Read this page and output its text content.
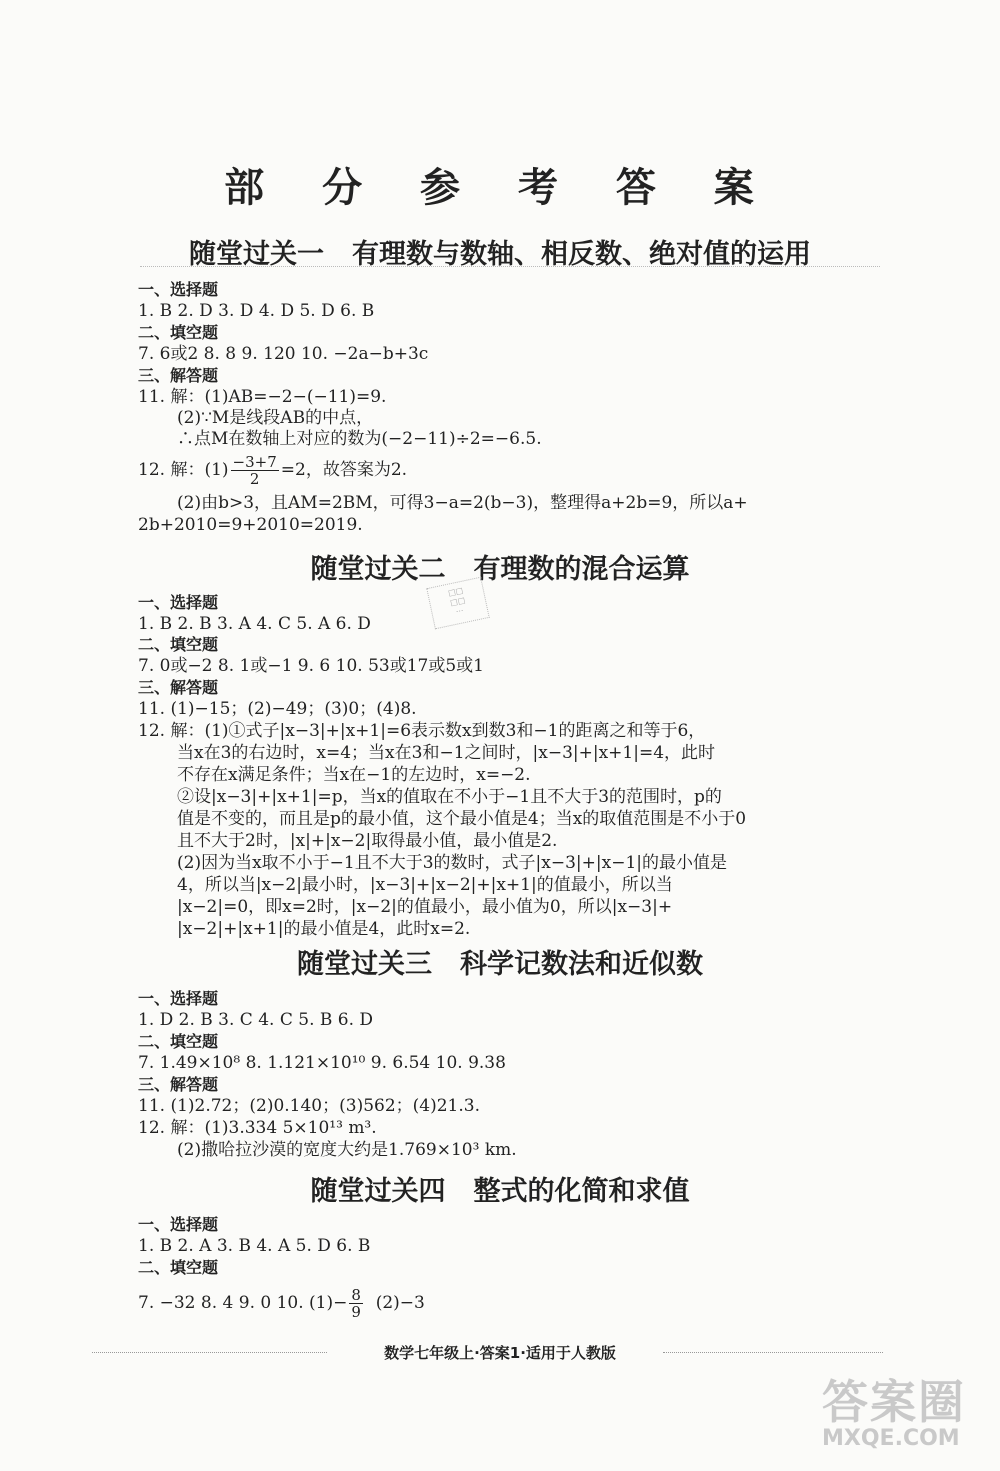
部 分 参 考 答 案
随堂过关一 有理数与数轴、相反数、绝对值的运用
一、选择题
1. B 2. D 3. D 4. D 5. D 6. B
二、填空题
7. 6或2 8. 8 9. 120 10. −2a−b+3c
三、解答题
11. 解：(1)AB=−2−(−11)=9.
(2)∵M是线段AB的中点，
∴点M在数轴上对应的数为(−2−11)÷2=−6.5.
12. 解：$(1) \frac{-3+7}{2} =2$，故答案为2.
(2)由b>3，且AM=2BM，可得3−a=2(b−3)，整理得a+2b=9，所以a+
2b+2010=9+2010=2019.
随堂过关二 有理数的混合运算
□□
□□
···
一、选择题
1. B 2. B 3. A 4. C 5. A 6. D
二、填空题
7. 0或−2 8. 1或−1 9. 6 10. 53或17或5或1
三、解答题
11. (1)−15；(2)−49；(3)0；(4)8.
12. 解：(1)①式子|x−3|+|x+1|=6表示数x到数3和−1的距离之和等于6，
当x在3的右边时，x=4；当x在3和−1之间时，|x−3|+|x+1|=4，此时
不存在x满足条件；当x在−1的左边时，x=−2.
②设|x−3|+|x+1|=p，当x的值取在不小于−1且不大于3的范围时，p的
值是不变的，而且是p的最小值，这个最小值是4；当x的取值范围是不小于0
且不大于2时，|x|+|x−2|取得最小值，最小值是2.
(2)因为当x取不小于−1且不大于3的数时，式子|x−3|+|x−1|的最小值是
4，所以当|x−2|最小时，|x−3|+|x−2|+|x+1|的值最小，所以当
|x−2|=0，即x=2时，|x−2|的值最小，最小值为0，所以|x−3|+
|x−2|+|x+1|的最小值是4，此时x=2.
随堂过关三 科学记数法和近似数
一、选择题
1. D 2. B 3. C 4. C 5. B 6. D
二、填空题
7. 1.49×10⁸ 8. 1.121×10¹⁰ 9. 6.54 10. 9.38
三、解答题
11. (1)2.72；(2)0.140；(3)562；(4)21.3.
12. 解：(1)3.334 5×10¹³ m³.
(2)撒哈拉沙漠的宽度大约是1.769×10³ km.
随堂过关四 整式的化简和求值
一、选择题
1. B 2. A 3. B 4. A 5. D 6. B
二、填空题
7. −32 8. 4 9. 0 10. $(1)- \frac{8}{9} (2)-3$
数学七年级上·答案1·适用于人教版
答案圈
MXQE.COM
